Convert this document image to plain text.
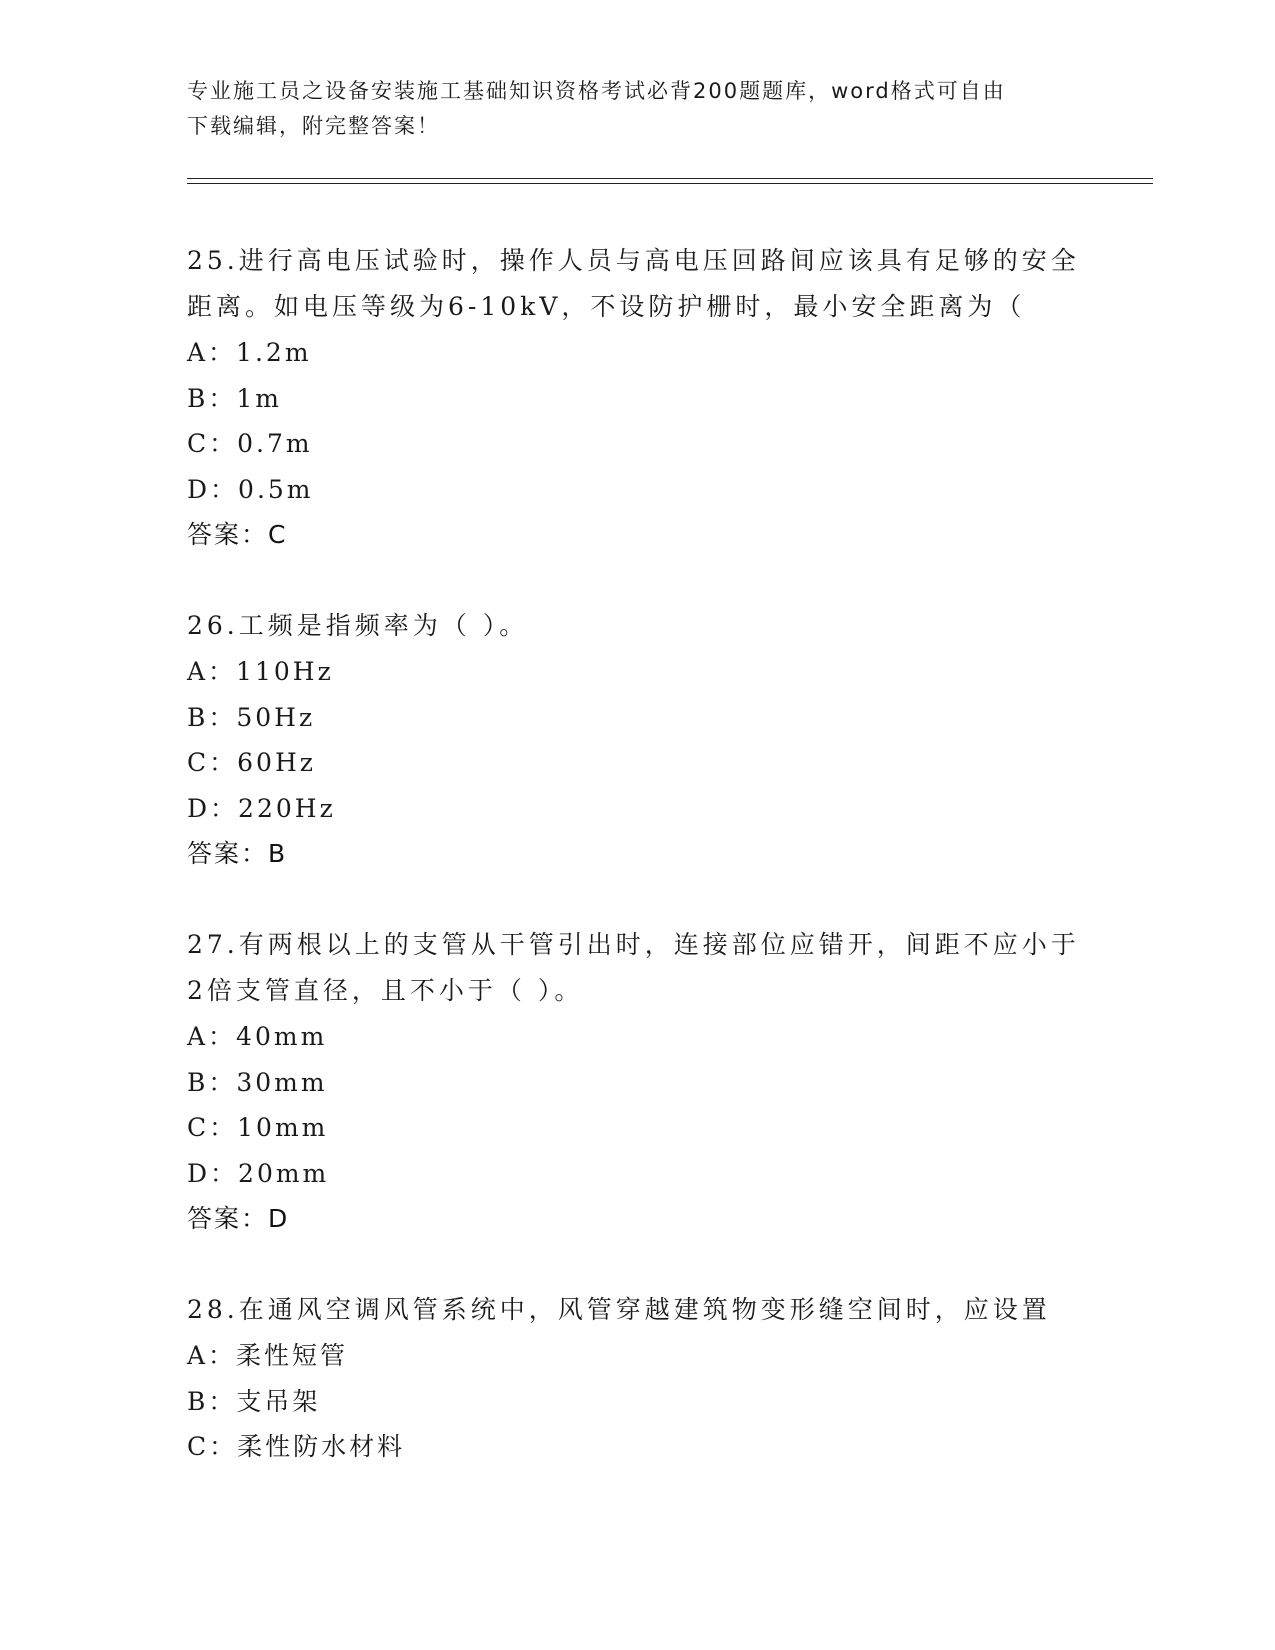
专业施工员之设备安装施工基础知识资格考试必背200题题库，word格式可自由
下载编辑，附完整答案！
25.进行高电压试验时，操作人员与高电压回路间应该具有足够的安全
距离。如电压等级为6-10kV，不设防护栅时，最小安全距离为（
A：1.2m
B：1m
C：0.7m
D：0.5m
答案：C
26.工频是指频率为（ ）。
A：110Hz
B：50Hz
C：60Hz
D：220Hz
答案：B
27.有两根以上的支管从干管引出时，连接部位应错开，间距不应小于
2倍支管直径，且不小于（ ）。
A：40mm
B：30mm
C：10mm
D：20mm
答案：D
28.在通风空调风管系统中，风管穿越建筑物变形缝空间时，应设置
A：柔性短管
B：支吊架
C：柔性防水材料
